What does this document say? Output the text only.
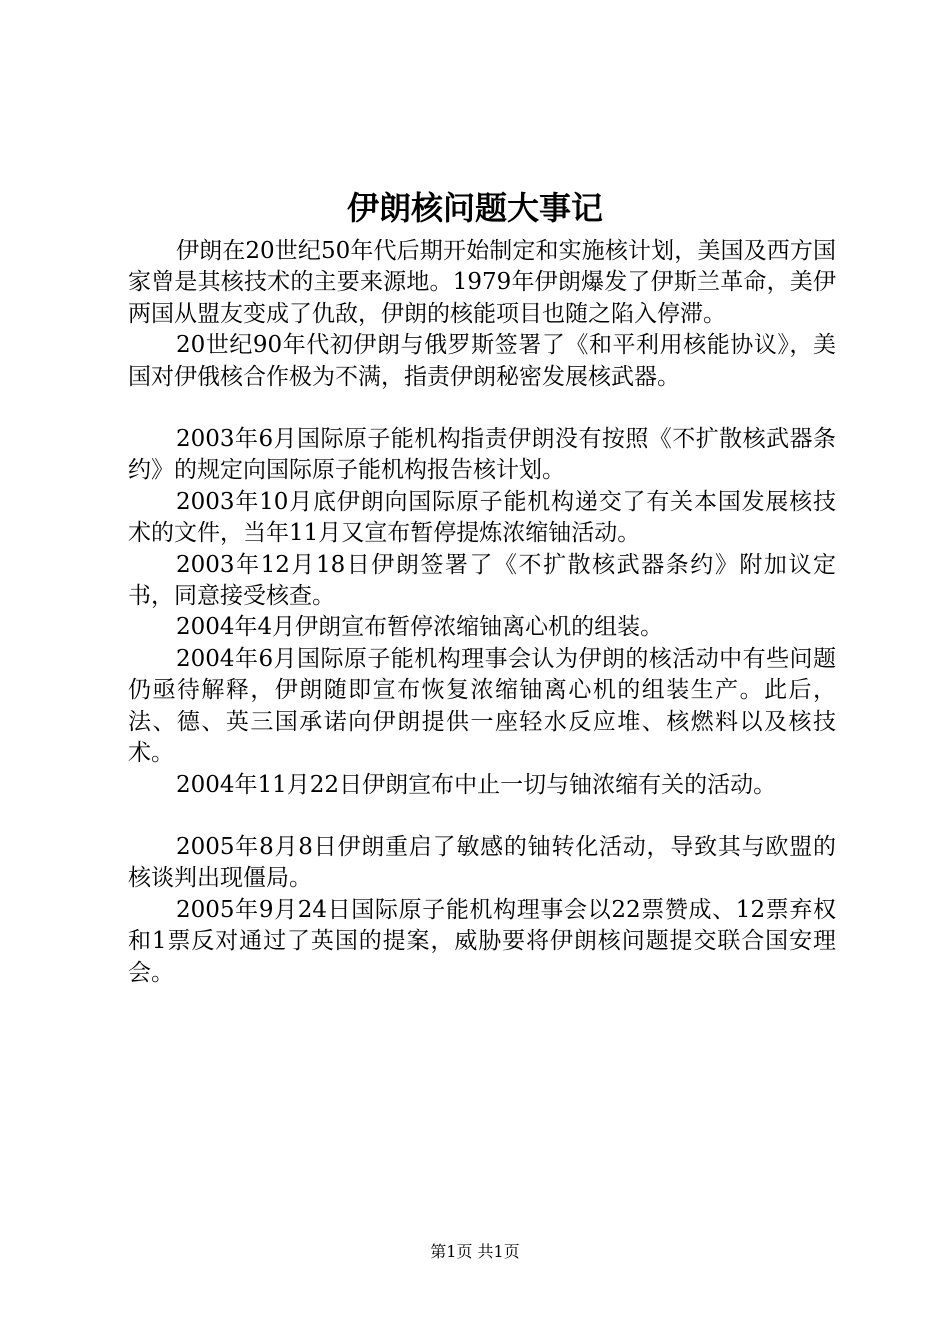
伊朗核问题大事记

伊朗在20世纪50年代后期开始制定和实施核计划，美国及西方国家曾是其核技术的主要来源地。1979年伊朗爆发了伊斯兰革命，美伊两国从盟友变成了仇敌，伊朗的核能项目也随之陷入停滞。

20世纪90年代初伊朗与俄罗斯签署了《和平利用核能协议》，美国对伊俄核合作极为不满，指责伊朗秘密发展核武器。

2003年6月国际原子能机构指责伊朗没有按照《不扩散核武器条约》的规定向国际原子能机构报告核计划。

2003年10月底伊朗向国际原子能机构递交了有关本国发展核技术的文件，当年11月又宣布暂停提炼浓缩铀活动。

2003年12月18日伊朗签署了《不扩散核武器条约》附加议定书，同意接受核查。

2004年4月伊朗宣布暂停浓缩铀离心机的组装。

2004年6月国际原子能机构理事会认为伊朗的核活动中有些问题仍亟待解释，伊朗随即宣布恢复浓缩铀离心机的组装生产。此后，法、德、英三国承诺向伊朗提供一座轻水反应堆、核燃料以及核技术。

2004年11月22日伊朗宣布中止一切与铀浓缩有关的活动。

2005年8月8日伊朗重启了敏感的铀转化活动，导致其与欧盟的核谈判出现僵局。

2005年9月24日国际原子能机构理事会以22票赞成、12票弃权和1票反对通过了英国的提案，威胁要将伊朗核问题提交联合国安理会。

第1页 共1页
